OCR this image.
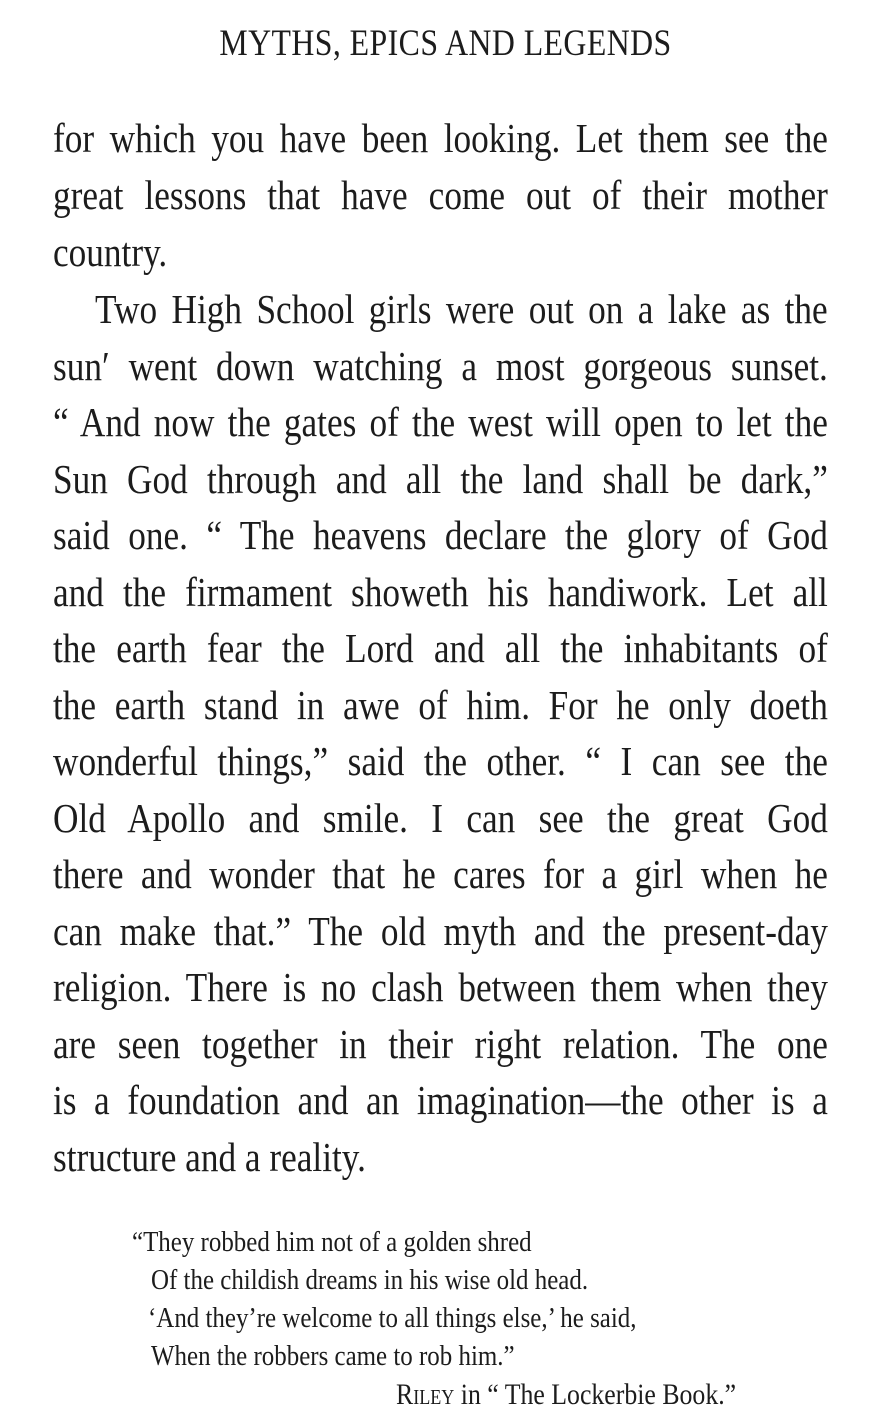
MYTHS, EPICS AND LEGENDS
for which you have been looking. Let them see the
great lessons that have come out of their mother
country.
Two High School girls were out on a lake as the
sun′ went down watching a most gorgeous sunset.
“ And now the gates of the west will open to let the
Sun God through and all the land shall be dark,”
said one. “ The heavens declare the glory of God
and the firmament showeth his handiwork. Let all
the earth fear the Lord and all the inhabitants of
the earth stand in awe of him. For he only doeth
wonderful things,” said the other. “ I can see the
Old Apollo and smile. I can see the great God
there and wonder that he cares for a girl when he
can make that.” The old myth and the present-day
religion. There is no clash between them when they
are seen together in their right relation. The one
is a foundation and an imagination—the other is a
structure and a reality.
“They robbed him not of a golden shred
Of the childish dreams in his wise old head.
‘And they’re welcome to all things else,’ he said,
When the robbers came to rob him.”
Riley in “ The Lockerbie Book.”
